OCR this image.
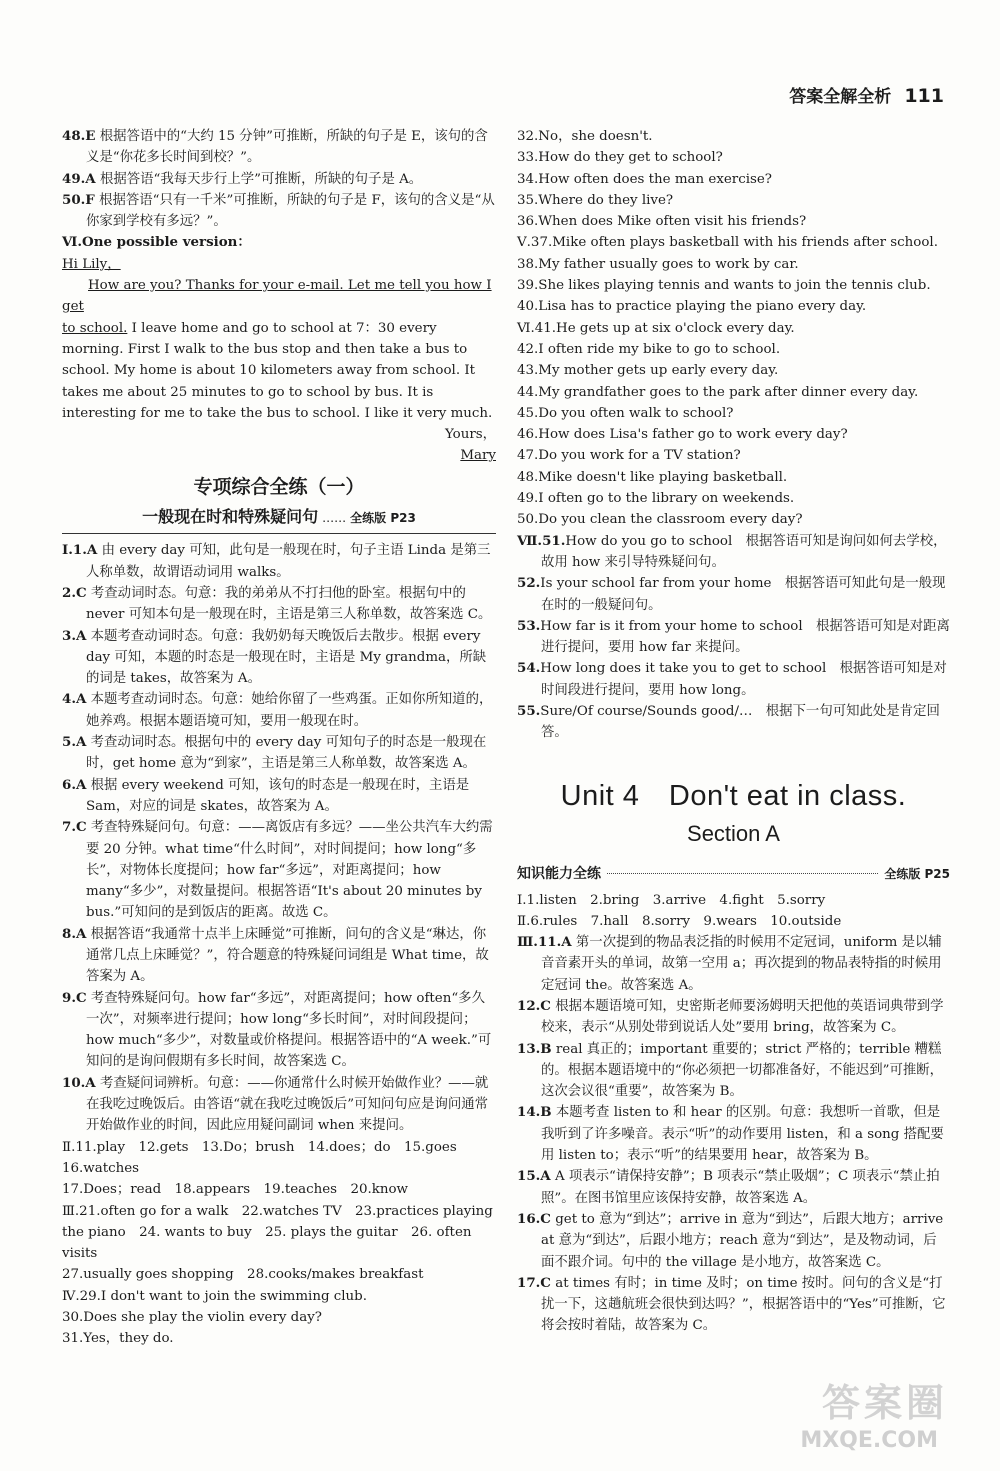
答案全解全析 111

48.E 根据答语中的“大约 15 分钟”可推断，所缺的句子是 E，该句的含义是“你花多长时间到校？”。

49.A 根据答语“我每天步行上学”可推断，所缺的句子是 A。

50.F 根据答语“只有一千米”可推断，所缺的句子是 F，该句的含义是“从你家到学校有多远？”。

Ⅵ.One possible version：

Hi Lily，

How are you? Thanks for your e-mail. Let me tell you how I get

to school. I leave home and go to school at 7：30 every morning. First I walk to the bus stop and then take a bus to school. My home is about 10 kilometers away from school. It takes me about 25 minutes to go to school by bus. It is interesting for me to take the bus to school. I like it very much.

Yours，

Mary

专项综合全练（一）
一般现在时和特殊疑问句 …… 全练版 P23

Ⅰ.1.A 由 every day 可知，此句是一般现在时，句子主语 Linda 是第三人称单数，故谓语动词用 walks。

2.C 考查动词时态。句意：我的弟弟从不打扫他的卧室。根据句中的 never 可知本句是一般现在时，主语是第三人称单数，故答案选 C。

3.A 本题考查动词时态。句意：我奶奶每天晚饭后去散步。根据 every day 可知，本题的时态是一般现在时，主语是 My grandma，所缺的词是 takes，故答案为 A。

4.A 本题考查动词时态。句意：她给你留了一些鸡蛋。正如你所知道的，她养鸡。根据本题语境可知，要用一般现在时。

5.A 考查动词时态。根据句中的 every day 可知句子的时态是一般现在时，get home 意为“到家”，主语是第三人称单数，故答案选 A。

6.A 根据 every weekend 可知，该句的时态是一般现在时，主语是 Sam，对应的词是 skates，故答案为 A。

7.C 考查特殊疑问句。句意：——离饭店有多远？——坐公共汽车大约需要 20 分钟。what time“什么时间”，对时间提问；how long“多长”，对物体长度提问；how far“多远”，对距离提问；how many“多少”，对数量提问。根据答语“It's about 20 minutes by bus.”可知问的是到饭店的距离。故选 C。

8.A 根据答语“我通常十点半上床睡觉”可推断，问句的含义是“琳达，你通常几点上床睡觉？”，符合题意的特殊疑问词组是 What time，故答案为 A。

9.C 考查特殊疑问句。how far“多远”，对距离提问；how often“多久一次”，对频率进行提问；how long“多长时间”，对时间段提问；how much“多少”，对数量或价格提问。根据答语中的“A week.”可知问的是询问假期有多长时间，故答案选 C。

10.A 考查疑问词辨析。句意：——你通常什么时候开始做作业？——就在我吃过晚饭后。由答语“就在我吃过晚饭后”可知问句应是询问通常开始做作业的时间，因此应用疑问副词 when 来提问。

Ⅱ.11.play　12.gets　13.Do；brush　14.does；do　15.goes　16.watches

17.Does；read　18.appears　19.teaches　20.know

Ⅲ.21.often go for a walk　22.watches TV　23.practices playing the piano　24. wants to buy　25. plays the guitar　26. often visits

27.usually goes shopping　28.cooks/makes breakfast

Ⅳ.29.I don't want to join the swimming club.

30.Does she play the violin every day?

31.Yes，they do.

32.No，she doesn't.

33.How do they get to school?

34.How often does the man exercise?

35.Where do they live?

36.When does Mike often visit his friends?

Ⅴ.37.Mike often plays basketball with his friends after school.

38.My father usually goes to work by car.

39.She likes playing tennis and wants to join the tennis club.

40.Lisa has to practice playing the piano every day.

Ⅵ.41.He gets up at six o'clock every day.

42.I often ride my bike to go to school.

43.My mother gets up early every day.

44.My grandfather goes to the park after dinner every day.

45.Do you often walk to school?

46.How does Lisa's father go to work every day?

47.Do you work for a TV station?

48.Mike doesn't like playing basketball.

49.I often go to the library on weekends.

50.Do you clean the classroom every day?

Ⅶ.51.How do you go to school　根据答语可知是询问如何去学校，故用 how 来引导特殊疑问句。

52.Is your school far from your home　根据答语可知此句是一般现在时的一般疑问句。

53.How far is it from your home to school　根据答语可知是对距离进行提问，要用 how far 来提问。

54.How long does it take you to get to school　根据答语可知是对时间段进行提问，要用 how long。

55.Sure/Of course/Sounds good/…　根据下一句可知此处是肯定回答。

Unit 4　Don't eat in class.
Section A
知识能力全练	全练版 P25

Ⅰ.1.listen　2.bring　3.arrive　4.fight　5.sorry

Ⅱ.6.rules　7.hall　8.sorry　9.wears　10.outside

Ⅲ.11.A 第一次提到的物品表泛指的时候用不定冠词，uniform 是以辅音音素开头的单词，故第一空用 a；再次提到的物品表特指的时候用定冠词 the。故答案选 A。

12.C 根据本题语境可知，史密斯老师要汤姆明天把他的英语词典带到学校来，表示“从别处带到说话人处”要用 bring，故答案为 C。

13.B real 真正的；important 重要的；strict 严格的；terrible 糟糕的。根据本题语境中的“你必须把一切都准备好，不能迟到”可推断，这次会议很“重要”，故答案为 B。

14.B 本题考查 listen to 和 hear 的区别。句意：我想听一首歌，但是我听到了许多噪音。表示“听”的动作要用 listen，和 a song 搭配要用 listen to；表示“听”的结果要用 hear，故答案为 B。

15.A A 项表示“请保持安静”；B 项表示“禁止吸烟”；C 项表示“禁止拍照”。在图书馆里应该保持安静，故答案选 A。

16.C get to 意为“到达”；arrive in 意为“到达”，后跟大地方；arrive at 意为“到达”，后跟小地方；reach 意为“到达”，是及物动词，后面不跟介词。句中的 the village 是小地方，故答案选 C。

17.C at times 有时；in time 及时；on time 按时。问句的含义是“打扰一下，这趟航班会很快到达吗？”，根据答语中的“Yes”可推断，它将会按时着陆，故答案为 C。

答案圈
MXQE.COM
